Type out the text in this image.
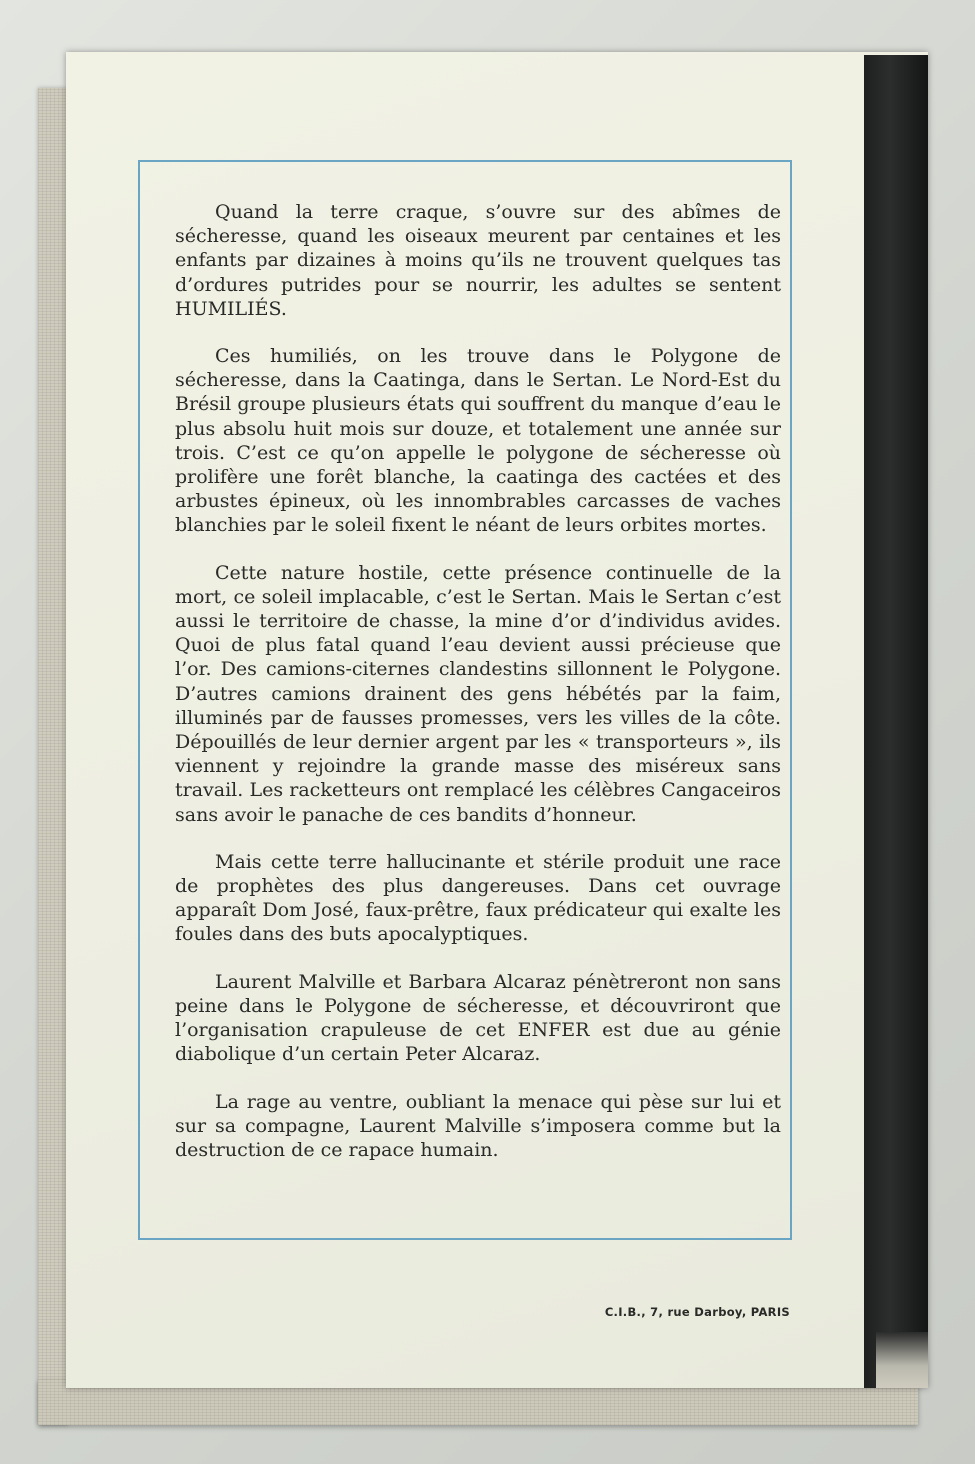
Quand la terre craque, s’ouvre sur des abîmes de sécheresse, quand les oiseaux meurent par centaines et les enfants par dizaines à moins qu’ils ne trouvent quelques tas d’ordures putrides pour se nourrir, les adultes se sentent HUMILIÉS.

Ces humiliés, on les trouve dans le Polygone de sécheresse, dans la Caatinga, dans le Sertan. Le Nord-Est du Brésil groupe plusieurs états qui souffrent du manque d’eau le plus absolu huit mois sur douze, et totalement une année sur trois. C’est ce qu’on appelle le polygone de sécheresse où prolifère une forêt blanche, la caatinga des cactées et des arbustes épineux, où les innombrables carcasses de vaches blanchies par le soleil fixent le néant de leurs orbites mortes.

Cette nature hostile, cette présence continuelle de la mort, ce soleil implacable, c’est le Sertan. Mais le Sertan c’est aussi le territoire de chasse, la mine d’or d’individus avides. Quoi de plus fatal quand l’eau devient aussi précieuse que l’or. Des camions-citernes clandestins sillonnent le Polygone. D’autres camions drainent des gens hébétés par la faim, illuminés par de fausses promesses, vers les villes de la côte. Dépouillés de leur dernier argent par les « transporteurs », ils viennent y rejoindre la grande masse des miséreux sans travail. Les racketteurs ont remplacé les célèbres Cangaceiros sans avoir le panache de ces bandits d’honneur.

Mais cette terre hallucinante et stérile produit une race de prophètes des plus dangereuses. Dans cet ouvrage apparaît Dom José, faux-prêtre, faux prédicateur qui exalte les foules dans des buts apocalyptiques.

Laurent Malville et Barbara Alcaraz pénètreront non sans peine dans le Polygone de sécheresse, et découvriront que l’organisation crapuleuse de cet ENFER est due au génie diabolique d’un certain Peter Alcaraz.

La rage au ventre, oubliant la menace qui pèse sur lui et sur sa compagne, Laurent Malville s’imposera comme but la destruction de ce rapace humain.

C.I.B., 7, rue Darboy, PARIS
